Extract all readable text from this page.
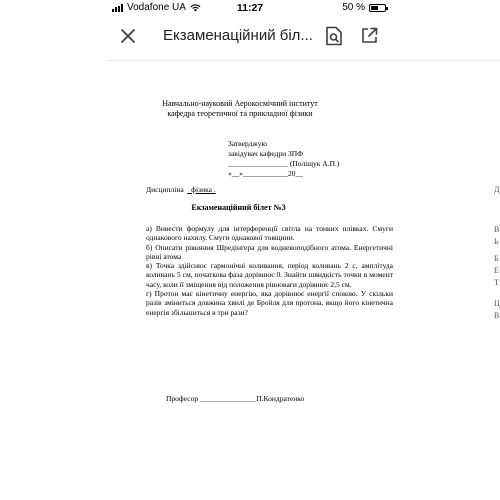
Vodafone UA	11:27	50 %
Екзаменаційний біл...
Навчально-науковий Аерокосмічний інститут
кафедра теоретичної та прикладної фізики
Затверджую
завідувач кафедри ЗПФ
________________ (Поліщук А.П.)
«__»____________20__
Дисципліна фізика .
Екзаменаційний білет №3

а) Вивести формулу для інтерференції світла на тонких плівках. Смуги однакового нахилу. Смуги однакової товщини.

б) Описати рівняння Шредінгера для водневоподібного атома. Енергетичні рівні атома

в) Точка здійснює гармонічні коливання, період коливань 2 с, амплітуда коливань 5 см, початкова фаза дорівнює 0. Знайти швидкість точки в момент часу, коли її зміщення від положення рівноваги дорівнює 2,5 см.

г) Протон має кінетичну енергію, яка дорівнює енергії спокою. У скільки разів зміниться довжина хвилі де Бройля для протона, якщо його кінетична енергія збільшиться в три рази?

Професор _______________П.Кондратенко
Д
В
Ь
Б
Е
Т
Ц
В
